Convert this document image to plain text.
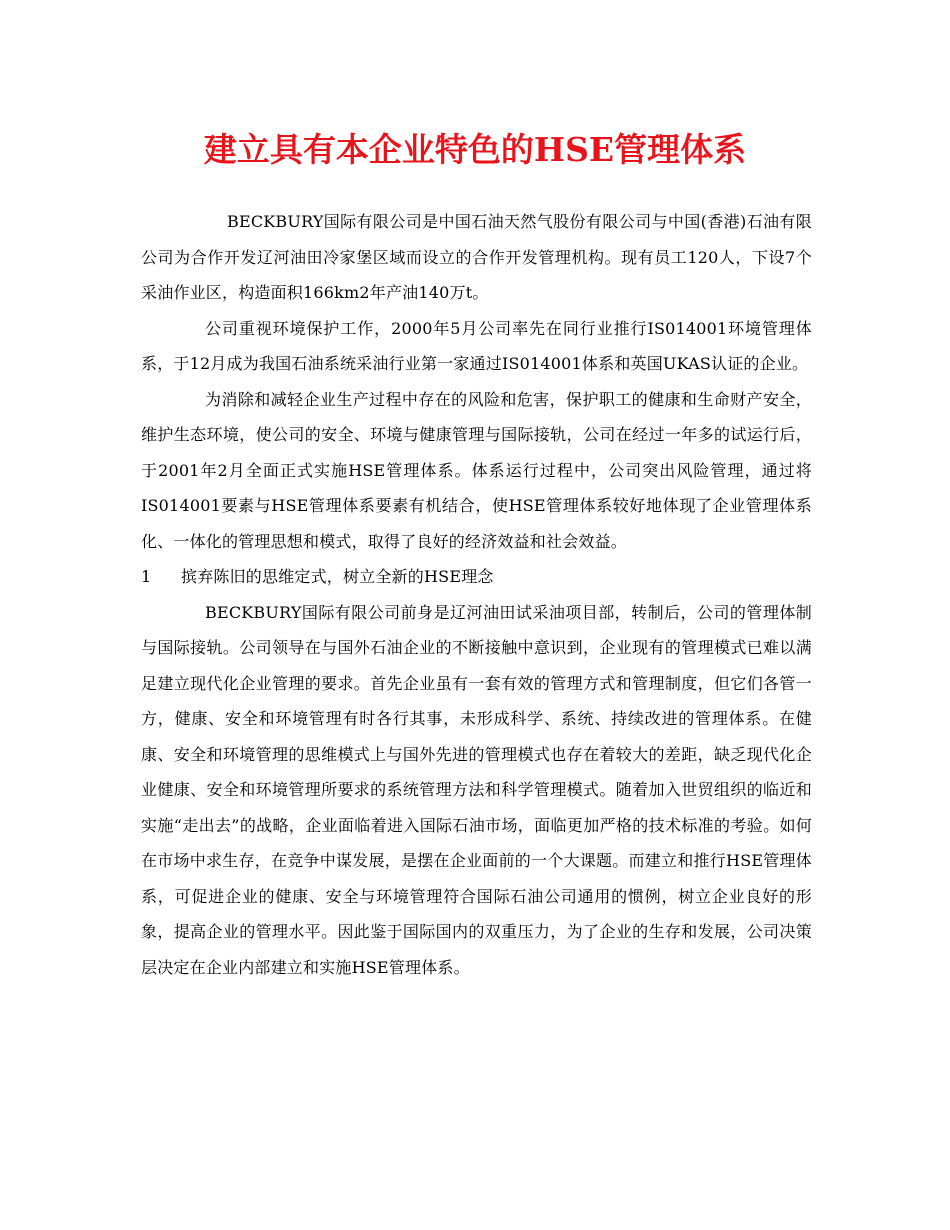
建立具有本企业特色的HSE管理体系

BECKBURY国际有限公司是中国石油天然气股份有限公司与中国(香港)石油有限公司为合作开发辽河油田冷家堡区域而设立的合作开发管理机构。现有员工120人，下设7个采油作业区，构造面积166km2年产油140万t。

公司重视环境保护工作，2000年5月公司率先在同行业推行IS014001环境管理体系，于12月成为我国石油系统采油行业第一家通过IS014001体系和英国UKAS认证的企业。

为消除和减轻企业生产过程中存在的风险和危害，保护职工的健康和生命财产安全，维护生态环境，使公司的安全、环境与健康管理与国际接轨，公司在经过一年多的试运行后，于2001年2月全面正式实施HSE管理体系。体系运行过程中，公司突出风险管理，通过将IS014001要素与HSE管理体系要素有机结合，使HSE管理体系较好地体现了企业管理体系化、一体化的管理思想和模式，取得了良好的经济效益和社会效益。

1 摈弃陈旧的思维定式，树立全新的HSE理念

BECKBURY国际有限公司前身是辽河油田试采油项目部，转制后，公司的管理体制与国际接轨。公司领导在与国外石油企业的不断接触中意识到，企业现有的管理模式已难以满足建立现代化企业管理的要求。首先企业虽有一套有效的管理方式和管理制度，但它们各管一方，健康、安全和环境管理有时各行其事，未形成科学、系统、持续改进的管理体系。在健康、安全和环境管理的思维模式上与国外先进的管理模式也存在着较大的差距，缺乏现代化企业健康、安全和环境管理所要求的系统管理方法和科学管理模式。随着加入世贸组织的临近和实施“走出去”的战略，企业面临着进入国际石油市场，面临更加严格的技术标准的考验。如何在市场中求生存，在竞争中谋发展，是摆在企业面前的一个大课题。而建立和推行HSE管理体系，可促进企业的健康、安全与环境管理符合国际石油公司通用的惯例，树立企业良好的形象，提高企业的管理水平。因此鉴于国际国内的双重压力，为了企业的生存和发展，公司决策层决定在企业内部建立和实施HSE管理体系。
